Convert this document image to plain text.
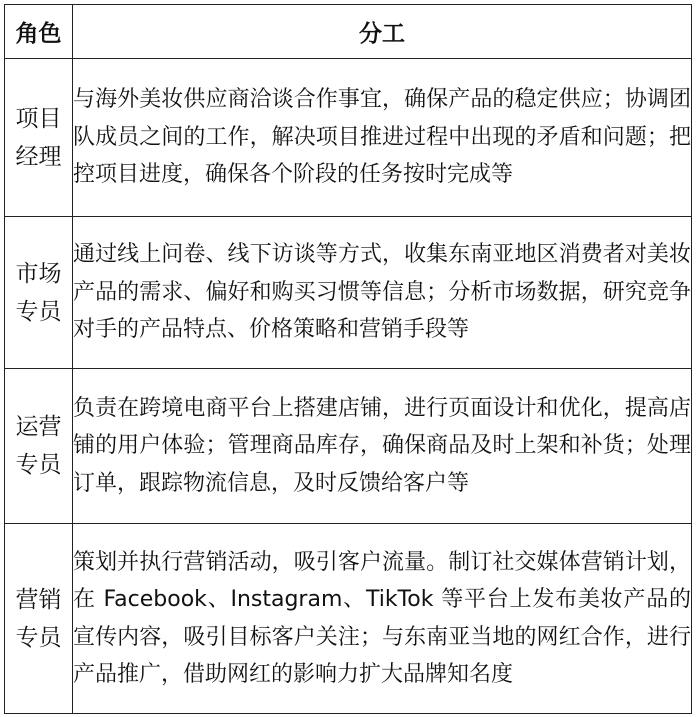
角色	分工

项目经理	与海外美妆供应商洽谈合作事宜，确保产品的稳定供应；协调团队成员之间的工作，解决项目推进过程中出现的矛盾和问题；把控项目进度，确保各个阶段的任务按时完成等

市场专员	通过线上问卷、线下访谈等方式，收集东南亚地区消费者对美妆产品的需求、偏好和购买习惯等信息；分析市场数据，研究竞争对手的产品特点、价格策略和营销手段等

运营专员	负责在跨境电商平台上搭建店铺，进行页面设计和优化，提高店铺的用户体验；管理商品库存，确保商品及时上架和补货；处理订单，跟踪物流信息，及时反馈给客户等

营销专员	策划并执行营销活动，吸引客户流量。制订社交媒体营销计划，在 Facebook、Instagram、TikTok 等平台上发布美妆产品的宣传内容，吸引目标客户关注；与东南亚当地的网红合作，进行产品推广，借助网红的影响力扩大品牌知名度
